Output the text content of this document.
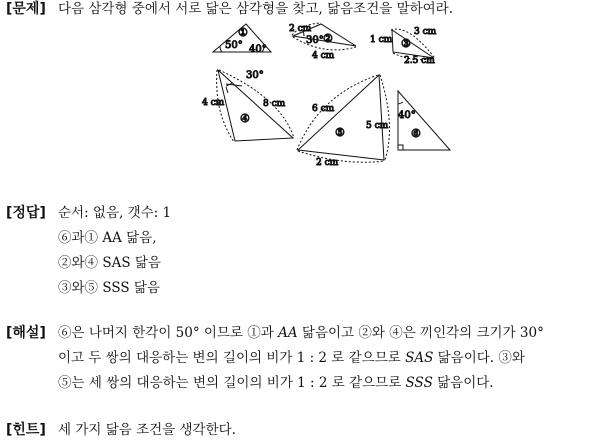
[문제] 다음 삼각형 중에서 서로 닮은 삼각형을 찾고, 닮음조건을 말하여라.
①
50° 40°
②
2 cm
30°
4 cm
③
1 cm
3 cm
2.5 cm
④
4 cm
30°
8 cm
⑤
6 cm
5 cm
2 cm
⑥
40°
[정답] 순서: 없음, 갯수: 1
⑥과① AA 닮음,
②와④ SAS 닮음
③와⑤ SSS 닮음
[해설] ⑥은 나머지 한각이 50° 이므로 ①과 AA 닮음이고 ②와 ④은 끼인각의 크기가 30°
이고 두 쌍의 대응하는 변의 길이의 비가 1 : 2 로 같으므로 SAS 닮음이다. ③와
⑤는 세 쌍의 대응하는 변의 길이의 비가 1 : 2 로 같으므로 SSS 닮음이다.
[힌트] 세 가지 닮음 조건을 생각한다.
